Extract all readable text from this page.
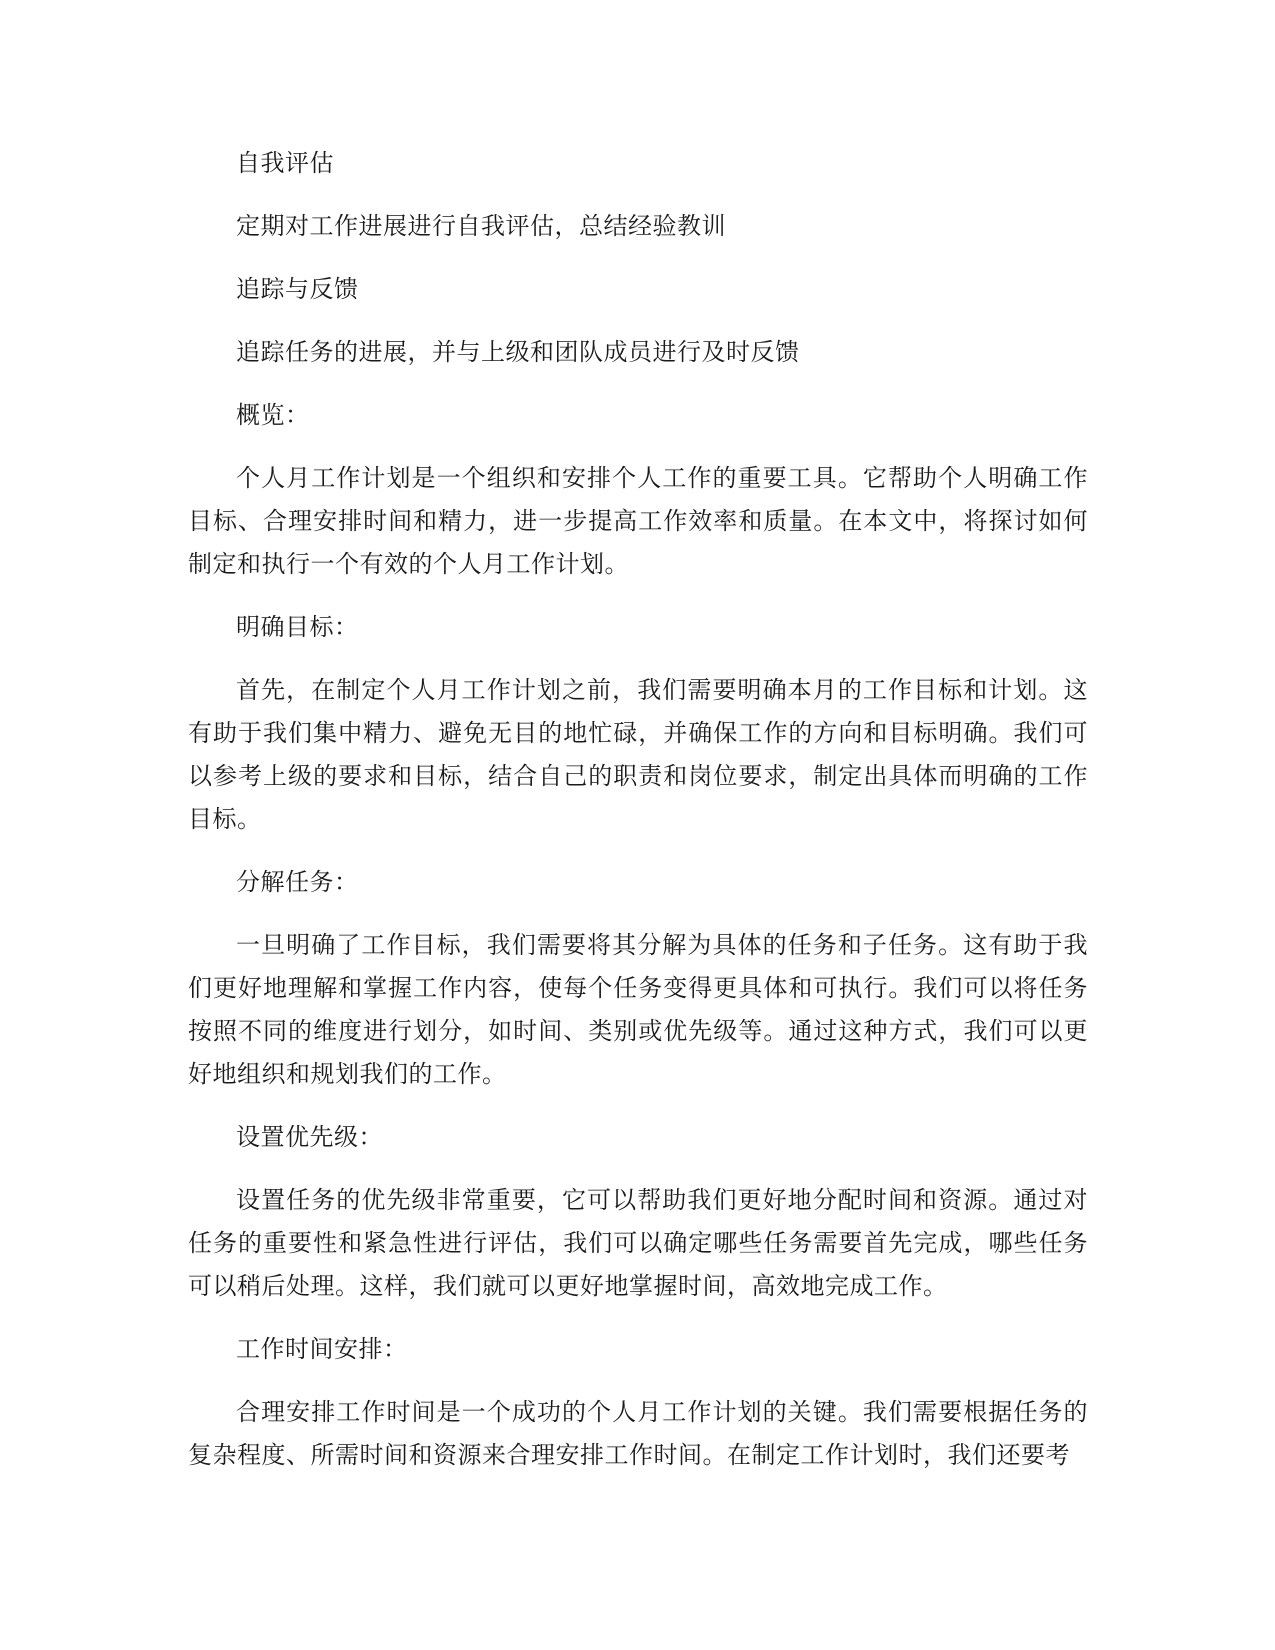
自我评估

定期对工作进展进行自我评估，总结经验教训

追踪与反馈

追踪任务的进展，并与上级和团队成员进行及时反馈

概览：

个人月工作计划是一个组织和安排个人工作的重要工具。它帮助个人明确工作目标、合理安排时间和精力，进一步提高工作效率和质量。在本文中，将探讨如何制定和执行一个有效的个人月工作计划。

明确目标：

首先，在制定个人月工作计划之前，我们需要明确本月的工作目标和计划。这有助于我们集中精力、避免无目的地忙碌，并确保工作的方向和目标明确。我们可以参考上级的要求和目标，结合自己的职责和岗位要求，制定出具体而明确的工作目标。

分解任务：

一旦明确了工作目标，我们需要将其分解为具体的任务和子任务。这有助于我们更好地理解和掌握工作内容，使每个任务变得更具体和可执行。我们可以将任务按照不同的维度进行划分，如时间、类别或优先级等。通过这种方式，我们可以更好地组织和规划我们的工作。

设置优先级：

设置任务的优先级非常重要，它可以帮助我们更好地分配时间和资源。通过对任务的重要性和紧急性进行评估，我们可以确定哪些任务需要首先完成，哪些任务可以稍后处理。这样，我们就可以更好地掌握时间，高效地完成工作。

工作时间安排：

合理安排工作时间是一个成功的个人月工作计划的关键。我们需要根据任务的复杂程度、所需时间和资源来合理安排工作时间。在制定工作计划时，我们还要考
